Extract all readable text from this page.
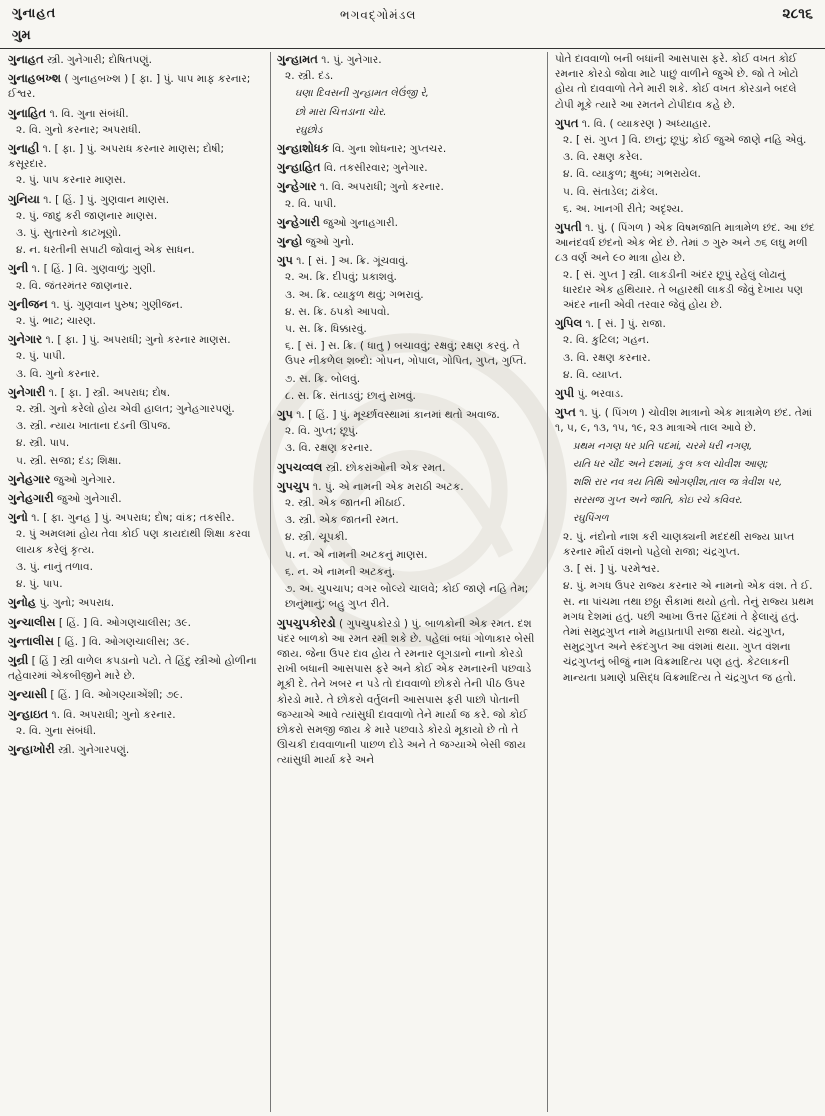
ગુનાહત
ગુમ
ભગવદ્ગોમંડલ	૨૮૧૬
ગુનાહત સ્ત્રી. ગુનેગારી; દોષિતપણું.
ગુનાહબખ્શ ( ગુનાહબખ્શ ) [ ફા. ] પું. પાપ માફ કરનાર; ઈશ્વર.
ગુનાહિત ૧. વિ. ગુના સંબંધી.
૨. વિ. ગુનો કરનાર; અપરાધી.
ગુનાહી ૧. [ ફા. ] પું. અપરાધ કરનાર માણસ; દોષી; કસૂરદાર.
૨. પું. પાપ કરનાર માણસ.
ગુનિયા ૧. [ હિં. ] પું. ગુણવાન માણસ.
૨. પું. જાદુ કરી જાણનાર માણસ.
૩. પું. સુતારનો કાટખૂણો.
૪. ન. ધરતીની સપાટી જોવાનું એક સાધન.
ગુની ૧. [ હિં. ] વિ. ગુણવાળું; ગુણી.
૨. વિ. જંતરમંતર જાણનાર.
ગુનીજન ૧. પું. ગુણવાન પુરુષ; ગુણીજન.
૨. પું. ભાટ; ચારણ.
ગુનેગાર ૧. [ ફા. ] પું. અપરાધી; ગુનો કરનાર માણસ.
૨. પું. પાપી.
૩. વિ. ગુનો કરનાર.
ગુનેગારી ૧. [ ફા. ] સ્ત્રી. અપરાધ; દોષ.
૨. સ્ત્રી. ગુનો કરેલો હોય એવી હાલત; ગુનેહગારપણું.
૩. સ્ત્રી. ન્યાય ખાતાના દંડની ઊપજ.
૪. સ્ત્રી. પાપ.
૫. સ્ત્રી. સજા; દંડ; શિક્ષા.
ગુનેહગાર જુઓ ગુનેગાર.
ગુનેહગારી જુઓ ગુનેગારી.
ગુનો ૧. [ ફા. ગુનહ ] પું. અપરાધ; દોષ; વાંક; તકસીર.
૨. પું અમલમાં હોય તેવા કોઈ પણ કાયદાથી શિક્ષા કરવા લાયક કરેલું કૃત્ય.
૩. પું. નાનું તળાવ.
૪. પું. પાપ.
ગુનોહ પું. ગુનો; અપરાધ.
ગુન્ચાલીસ [ હિં. ] વિ. ઓગણચાલીસ; ૩૯.
ગુન્તાલીસ [ હિં. ] વિ. ઓગણચાલીસ; ૩૯.
ગુન્રી [ હિં ] સ્ત્રી વાળેલ કપડાનો પટો. તે હિંદુ સ્ત્રીઓ હોળીના તહેવારમાં એકબીજીને મારે છે.
ગુન્યાસી [ હિં. ] વિ. ઓગણ્યાએંશી; ૭૯.
ગુન્હાઇત ૧. વિ. અપરાધી; ગુનો કરનાર.
૨. વિ. ગુના સંબંધી.
ગુન્હાખોરી સ્ત્રી. ગુનેગારપણું.
ગુન્હામત ૧. પું. ગુનેગાર.
૨. સ્ત્રી. દંડ.
ઘણા દિવસની ગુન્હામત લેઉંજી રે,
છો મારા ચિત્તડાના ચોર.
રઘુછોડ
ગુન્હાશોધક વિ. ગુના શોધનાર; ગુપ્તચર.
ગુન્હાહિત વિ. તકસીરવાર; ગુનેગાર.
ગુન્હેગાર ૧. વિ. અપરાધી; ગુનો કરનાર.
૨. વિ. પાપી.
ગુન્હેગારી જુઓ ગુનાહગારી.
ગુન્હો જુઓ ગુનો.
ગુપ ૧. [ સં. ] અ. ક્રિ. ગૂંચવાવું.
૨. અ. ક્રિ. દીપવું; પ્રકાશવું.
૩. અ. ક્રિ. વ્યાકુળ થવું; ગભરાવું.
૪. સ. ક્રિ. ઠપકો આપવો.
૫. સ. ક્રિ. ધિક્કારવું.
૬. [ સં. ] સ. ક્રિ. ( ધાતુ ) બચાવવું; રક્ષવું; રક્ષણ કરવું. તે ઉપર નીકળેલ શબ્દો: ગોપન, ગોપાલ, ગોપિત, ગુપ્ત, ગુપ્તિ.
૭. સ. ક્રિ. બોલવું.
૮. સ. ક્રિ. સંતાડવું; છાનું રાખવું.
ગુપ ૧. [ હિં. ] પું. મૂર્ચ્છાવસ્થામાં કાનમાં થતો અવાજ.
૨. વિ. ગુપ્ત; છૂપું.
૩. વિ. રક્ષણ કરનાર.
ગુપચવ્વલ સ્ત્રી. છોકરાંઓની એક રમત.
ગુપચુપ ૧. પું. એ નામની એક મરાઠી અટક.
૨. સ્ત્રી. એક જાતની મીઠાઈ.
૩. સ્ત્રી. એક જાતની રમત.
૪. સ્ત્રી. ચૂપકી.
૫. ન. એ નામની અટકનું માણસ.
૬. ન. એ નામની અટકનું.
૭. અ. ચુપચાપ; વગર બોલ્યે ચાલવે; કોઈ જાણે નહિ તેમ; છાનુંમાનું; બહુ ગુપ્ત રીતે.
ગુપચુપકોરડો ( ગુપચુપકોરડો ) પું. બાળકોની એક રમત. દશ પંદર બાળકો આ રમત રમી શકે છે. પહેલાં બધાં ગોળાકાર બેસી જાય. જેના ઉપર દાવ હોય તે રમનાર લૂગડાનો નાનો કોરડો રાખી બધાની આસપાસ ફરે અને કોઈ એક રમનારની પછવાડે મૂકી દે. તેને ખબર ન પડે તો દાવવાળો છોકરો તેની પીઠ ઉપર કોરડો મારે. તે છોકરો વર્તુલની આસપાસ ફરી પાછો પોતાની જગ્યાએ આવે ત્યાંસુધી દાવવાળો તેને માર્યા જ કરે. જો કોઈ છોકરો સમજી જાય કે મારે પછવાડે કોરડો મૂકાયો છે તો તે ઊચકી દાવવાળાની પાછળ દોડે અને તે જગ્યાએ બેસી જાય ત્યાંસુધી માર્યા કરે અને
પોતે દાવવાળો બની બધાંની આસપાસ ફરે. કોઈ વખત કોઈ રમનાર કોરડો જોવા માટે પાછું વાળીને જુએ છે. જો તે ખોટો હોય તો દાવવાળો તેને મારી શકે. કોઈ વખત કોરડાને બદલે ટોપી મૂકે ત્યારે આ રમતને ટોપીદાવ કહે છે.
ગુપત ૧. વિ. ( વ્યાકરણ ) અધ્યાહાર.
૨. [ સં. ગુપ્ત ] વિ. છાનું; છૂપું; કોઈ જુએ જાણે નહિ એવું.
૩. વિ. રક્ષણ કરેલ.
૪. વિ. વ્યાકુળ; ક્ષુબ્ધ; ગભરાયેલ.
૫. વિ. સંતાડેલ; ઢાંકેલ.
૬. અ. ખાનગી રીતે; અદૃશ્ય.
ગુપતી ૧. પું. ( પિંગળ ) એક વિષમજાતિ માત્રામેળ છંદ. આ છંદ આનંદવર્ધ છંદનો એક ભેદ છે. તેમાં ૭ ગુરુ અને ૭૬ લઘુ મળી ૮૩ વર્ણ અને ૯૦ માત્રા હોય છે.
૨. [ સં. ગુપ્ત ] સ્ત્રી. લાકડીની અંદર છૂપું રહેલું લોઢાનું ધારદાર એક હથિયાર. તે બહારથી લાકડી જેવું દેખાય પણ અંદર નાની એવી તરવાર જેવું હોય છે.
ગુપિલ ૧. [ સં. ] પું. રાજા.
૨. વિ. કુટિલ; ગહન.
૩. વિ. રક્ષણ કરનાર.
૪. વિ. વ્યાપ્ત.
ગુપી પું. ભરવાડ.
ગુપ્ત ૧. પું. ( પિંગળ ) ચોવીશ માત્રાનો એક માત્રામેળ છંદ. તેમાં ૧, ૫, ૯, ૧૩, ૧૫, ૧૯, ૨૩ માત્રાએ તાલ આવે છે.
પ્રથમ નગણ ધર પ્રતિ પદમાં, ચરમે ધરી નગણ,
યતિ ધર ચૌદ અને દશમાં, કુલ કલ ચોવીશ આણ;
શશિ રાર નવ ત્રય તિથિ ઓગણીશ,તાલ જ ત્રેવીશ પર,
સરસજ ગુપ્ત અને જાતિ, કોઇ રચે કવિવર.
રઘુપિંગળ
૨. પું. નંદોનો નાશ કરી ચાણક્યની મદદથી રાજ્ય પ્રાપ્ત કરનાર મૌર્ય વંશનો પહેલો રાજા; ચંદ્રગુપ્ત.
૩. [ સં. ] પું. પરમેશ્વર.
૪. પું. મગધ ઉપર રાજ્ય કરનાર એ નામનો એક વંશ. તે ઈ. સ. ના પાંચમા તથા છઠ્ઠા સૈકામાં થયો હતો. તેનું રાજ્ય પ્રથમ મગધ દેશમાં હતું. પછી આખા ઉત્તર હિંદમાં તે ફેલાયું હતું. તેમાં સમુદ્રગુપ્ત નામે મહાપ્રતાપી રાજા થયો. ચંદ્રગુપ્ત, સમુદ્રગુપ્ત અને સ્કંદગુપ્ત આ વંશમાં થયા. ગુપ્ત વંશના ચંદ્રગુપ્તનું બીજું નામ વિક્રમાદિત્ય પણ હતું. કેટલાકની માન્યતા પ્રમાણે પ્રસિદ્ધ વિક્રમાદિત્ય તે ચંદ્રગુપ્ત જ હતો.
